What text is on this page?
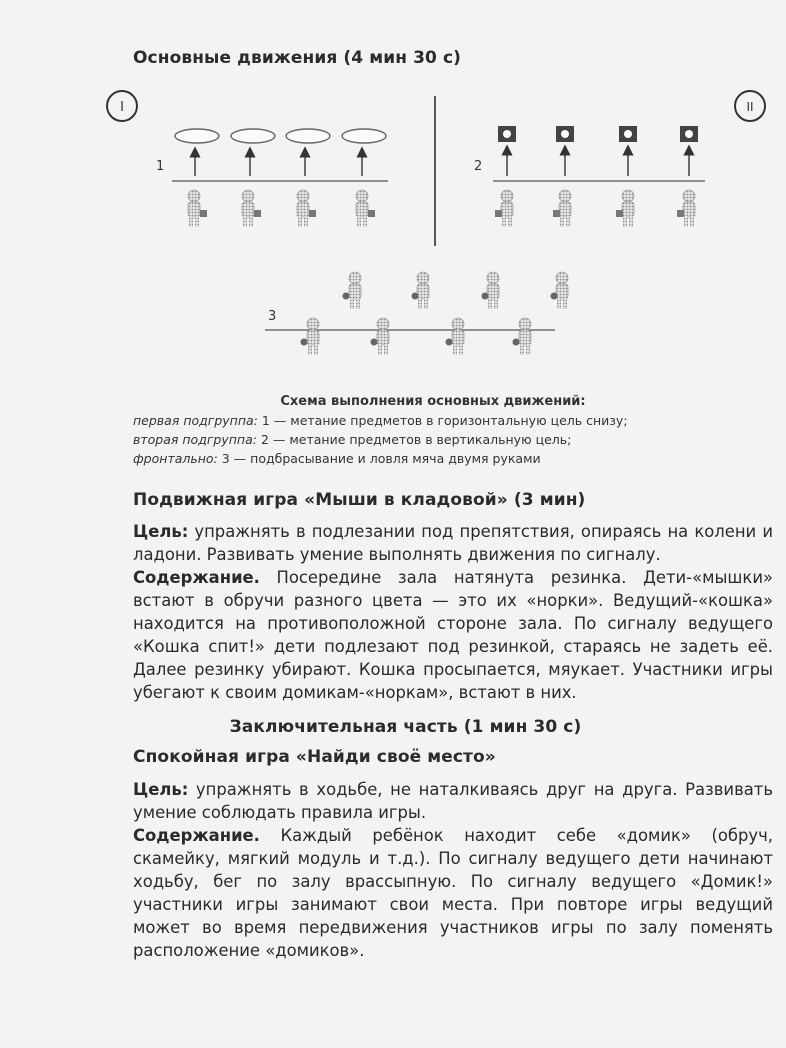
Основные движения (4 мин 30 с)
I	II
1	2
3
Схема выполнения основных движений:
первая подгруппа: 1 — метание предметов в горизонтальную цель снизу;
вторая подгруппа: 2 — метание предметов в вертикальную цель;
фронтально: 3 — подбрасывание и ловля мяча двумя руками
Подвижная игра «Мыши в кладовой» (3 мин)

Цель: упражнять в подлезании под препятствия, опираясь на колени и ладони. Развивать умение выполнять движения по сигналу.

Содержание. Посередине зала натянута резинка. Дети-«мышки» встают в обручи разного цвета — это их «норки». Ведущий-«кошка» находится на противоположной стороне зала. По сигналу ведущего «Кошка спит!» дети подлезают под резинкой, стараясь не задеть её. Далее резинку убирают. Кошка просыпается, мяукает. Участники игры убегают к своим домикам-«норкам», встают в них.

Заключительная часть (1 мин 30 с)
Спокойная игра «Найди своё место»

Цель: упражнять в ходьбе, не наталкиваясь друг на друга. Развивать умение соблюдать правила игры.

Содержание. Каждый ребёнок находит себе «домик» (обруч, скамейку, мягкий модуль и т.д.). По сигналу ведущего дети начинают ходьбу, бег по залу врассыпную. По сигналу ведущего «Домик!» участники игры занимают свои места. При повторе игры ведущий может во время передвижения участников игры по залу поменять расположение «домиков».
